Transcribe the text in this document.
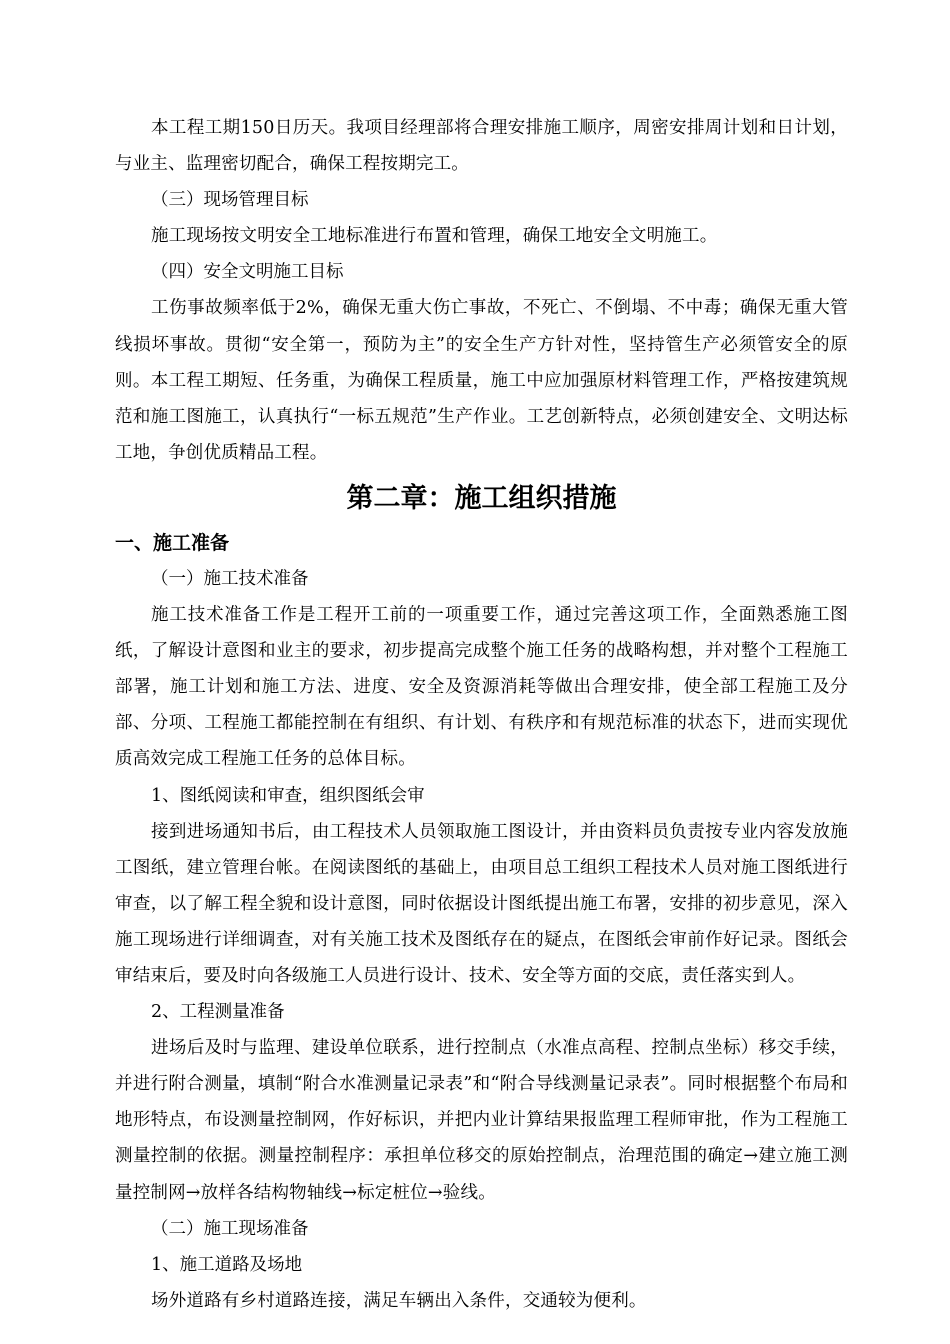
本工程工期150日历天。我项目经理部将合理安排施工顺序，周密安排周计划和日计划，与业主、监理密切配合，确保工程按期完工。

（三）现场管理目标

施工现场按文明安全工地标准进行布置和管理，确保工地安全文明施工。

（四）安全文明施工目标

工伤事故频率低于2%，确保无重大伤亡事故，不死亡、不倒塌、不中毒；确保无重大管线损坏事故。贯彻“安全第一，预防为主”的安全生产方针对性，坚持管生产必须管安全的原则。本工程工期短、任务重，为确保工程质量，施工中应加强原材料管理工作，严格按建筑规范和施工图施工，认真执行“一标五规范”生产作业。工艺创新特点，必须创建安全、文明达标工地，争创优质精品工程。

第二章：施工组织措施

一、施工准备

（一）施工技术准备

施工技术准备工作是工程开工前的一项重要工作，通过完善这项工作，全面熟悉施工图纸，了解设计意图和业主的要求，初步提高完成整个施工任务的战略构想，并对整个工程施工部署，施工计划和施工方法、进度、安全及资源消耗等做出合理安排，使全部工程施工及分部、分项、工程施工都能控制在有组织、有计划、有秩序和有规范标准的状态下，进而实现优质高效完成工程施工任务的总体目标。

1、图纸阅读和审查，组织图纸会审

接到进场通知书后，由工程技术人员领取施工图设计，并由资料员负责按专业内容发放施工图纸，建立管理台帐。在阅读图纸的基础上，由项目总工组织工程技术人员对施工图纸进行审查，以了解工程全貌和设计意图，同时依据设计图纸提出施工布署，安排的初步意见，深入施工现场进行详细调查，对有关施工技术及图纸存在的疑点，在图纸会审前作好记录。图纸会审结束后，要及时向各级施工人员进行设计、技术、安全等方面的交底，责任落实到人。

2、工程测量准备

进场后及时与监理、建设单位联系，进行控制点（水准点高程、控制点坐标）移交手续，并进行附合测量，填制“附合水准测量记录表”和“附合导线测量记录表”。同时根据整个布局和地形特点，布设测量控制网，作好标识，并把内业计算结果报监理工程师审批，作为工程施工测量控制的依据。测量控制程序：承担单位移交的原始控制点，治理范围的确定→建立施工测量控制网→放样各结构物轴线→标定桩位→验线。

（二）施工现场准备

1、施工道路及场地

场外道路有乡村道路连接，满足车辆出入条件，交通较为便利。
